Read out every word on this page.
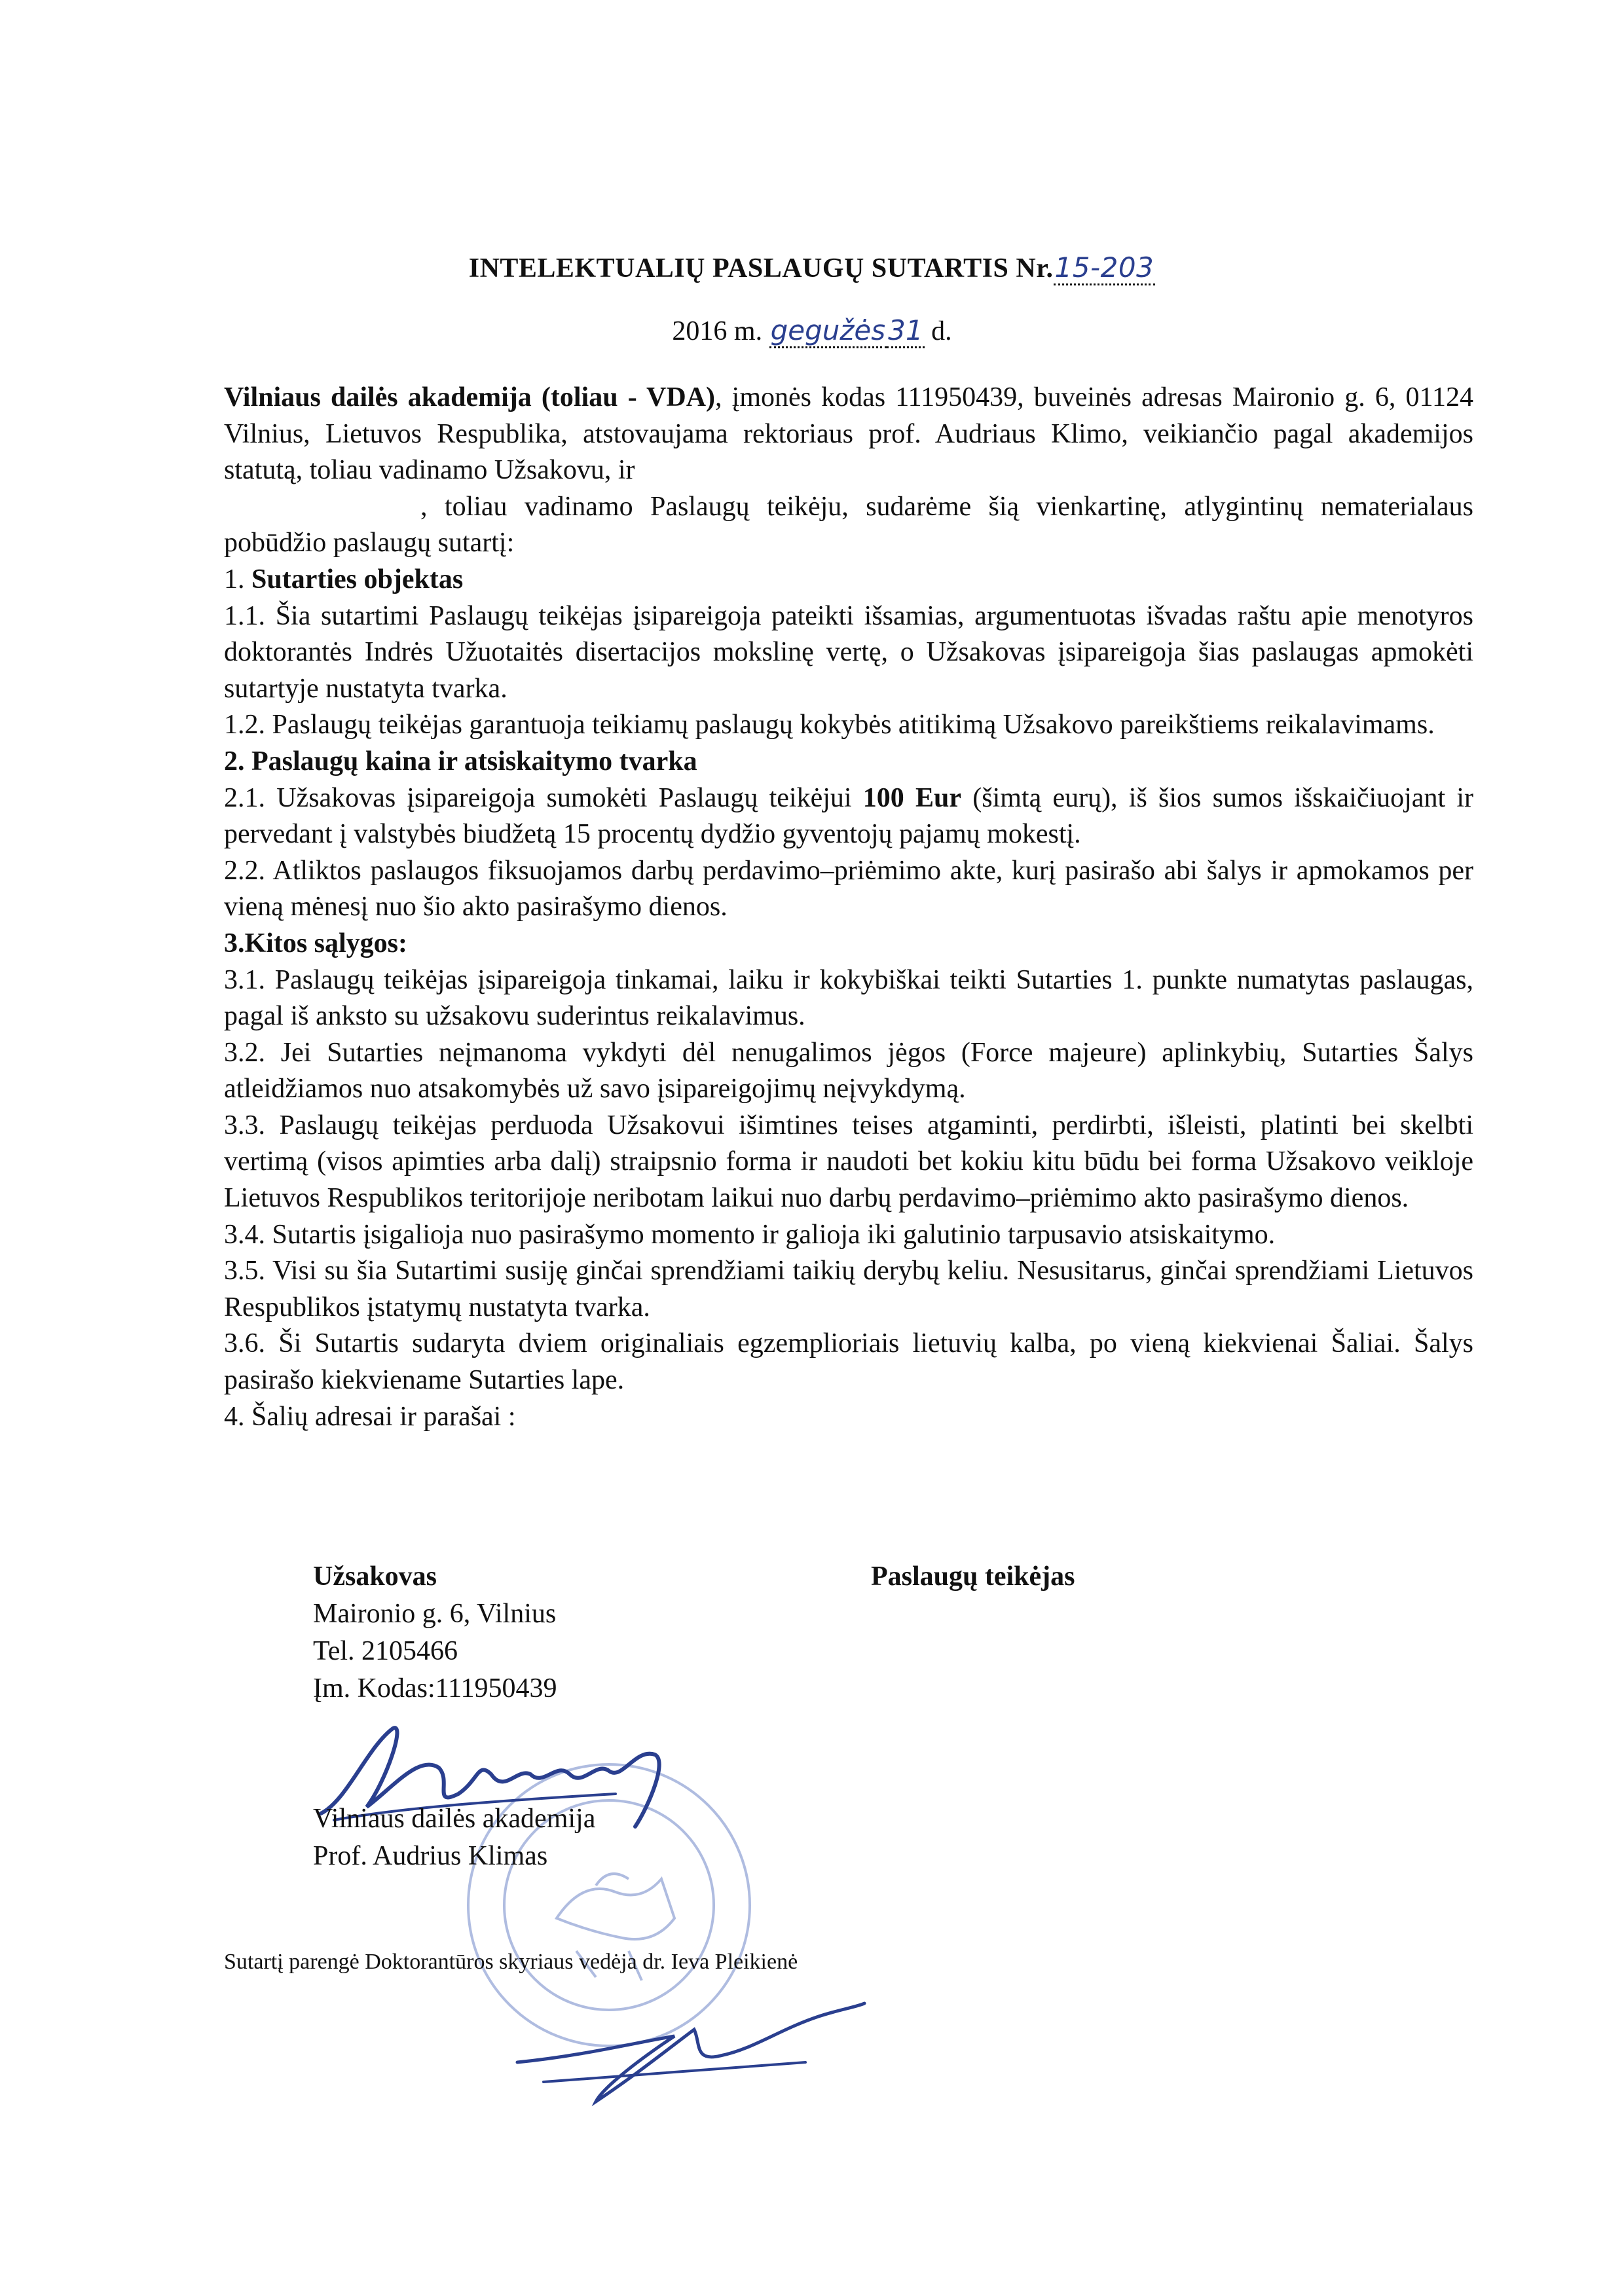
INTELEKTUALIŲ PASLAUGŲ SUTARTIS Nr.15-203
2016 m. gegužės31 d.

Vilniaus dailės akademija (toliau - VDA), įmonės kodas 111950439, buveinės adresas Maironio g. 6, 01124 Vilnius, Lietuvos Respublika, atstovaujama rektoriaus prof. Audriaus Klimo, veikiančio pagal akademijos statutą, toliau vadinamo Užsakovu, ir

, toliau vadinamo Paslaugų teikėju, sudarėme šią vienkartinę, atlygintinų nematerialaus pobūdžio paslaugų sutartį:

1. Sutarties objektas

1.1. Šia sutartimi Paslaugų teikėjas įsipareigoja pateikti išsamias, argumentuotas išvadas raštu apie menotyros doktorantės Indrės Užuotaitės disertacijos mokslinę vertę, o Užsakovas įsipareigoja šias paslaugas apmokėti sutartyje nustatyta tvarka.

1.2. Paslaugų teikėjas garantuoja teikiamų paslaugų kokybės atitikimą Užsakovo pareikštiems reikalavimams.

2. Paslaugų kaina ir atsiskaitymo tvarka

2.1. Užsakovas įsipareigoja sumokėti Paslaugų teikėjui 100 Eur (šimtą eurų), iš šios sumos išskaičiuojant ir pervedant į valstybės biudžetą 15 procentų dydžio gyventojų pajamų mokestį.

2.2. Atliktos paslaugos fiksuojamos darbų perdavimo–priėmimo akte, kurį pasirašo abi šalys ir apmokamos per vieną mėnesį nuo šio akto pasirašymo dienos.

3.Kitos sąlygos:

3.1. Paslaugų teikėjas įsipareigoja tinkamai, laiku ir kokybiškai teikti Sutarties 1. punkte numatytas paslaugas, pagal iš anksto su užsakovu suderintus reikalavimus.

3.2. Jei Sutarties neįmanoma vykdyti dėl nenugalimos jėgos (Force majeure) aplinkybių, Sutarties Šalys atleidžiamos nuo atsakomybės už savo įsipareigojimų neįvykdymą.

3.3. Paslaugų teikėjas perduoda Užsakovui išimtines teises atgaminti, perdirbti, išleisti, platinti bei skelbti vertimą (visos apimties arba dalį) straipsnio forma ir naudoti bet kokiu kitu būdu bei forma Užsakovo veikloje Lietuvos Respublikos teritorijoje neribotam laikui nuo darbų perdavimo–priėmimo akto pasirašymo dienos.

3.4. Sutartis įsigalioja nuo pasirašymo momento ir galioja iki galutinio tarpusavio atsiskaitymo.

3.5. Visi su šia Sutartimi susiję ginčai sprendžiami taikių derybų keliu. Nesusitarus, ginčai sprendžiami Lietuvos Respublikos įstatymų nustatyta tvarka.

3.6. Ši Sutartis sudaryta dviem originaliais egzemplioriais lietuvių kalba, po vieną kiekvienai Šaliai. Šalys pasirašo kiekviename Sutarties lape.

4. Šalių adresai ir parašai :

Užsakovas
Maironio g. 6, Vilnius
Tel. 2105466
Įm. Kodas:111950439
Paslaugų teikėjas
Vilniaus dailės akademija
Prof. Audrius Klimas
Sutartį parengė Doktorantūros skyriaus vedėja dr. Ieva Pleikienė
